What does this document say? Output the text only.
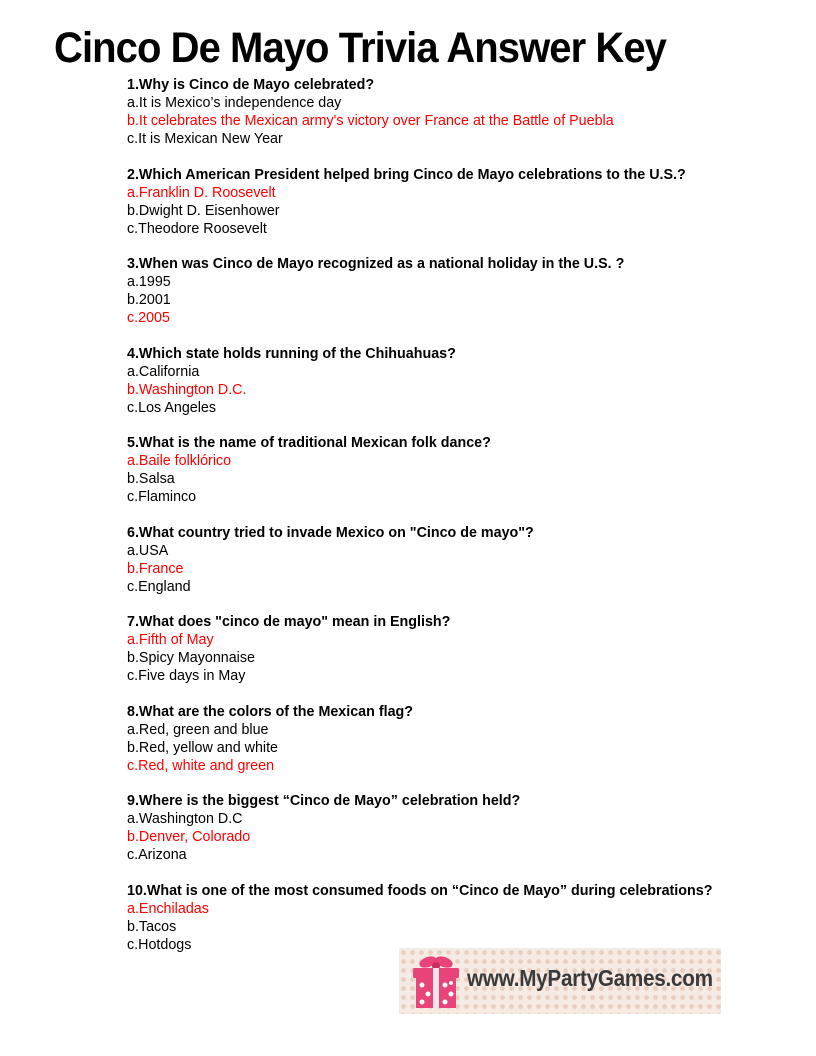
Cinco De Mayo Trivia Answer Key
1.Why is Cinco de Mayo celebrated?
a.It is Mexico’s independence day
b.It celebrates the Mexican army's victory over France at the Battle of Puebla
c.It is Mexican New Year
2.Which American President helped bring Cinco de Mayo celebrations to the U.S.?
a.Franklin D. Roosevelt
b.Dwight D. Eisenhower
c.Theodore Roosevelt
3.When was Cinco de Mayo recognized as a national holiday in the U.S. ?
a.1995
b.2001
c.2005
4.Which state holds running of the Chihuahuas?
a.California
b.Washington D.C.
c.Los Angeles
5.What is the name of traditional Mexican folk dance?
a.Baile folklórico
b.Salsa
c.Flaminco
6.What country tried to invade Mexico on "Cinco de mayo"?
a.USA
b.France
c.England
7.What does "cinco de mayo" mean in English?
a.Fifth of May
b.Spicy Mayonnaise
c.Five days in May
8.What are the colors of the Mexican flag?
a.Red, green and blue
b.Red, yellow and white
c.Red, white and green
9.Where is the biggest “Cinco de Mayo” celebration held?
a.Washington D.C
b.Denver, Colorado
c.Arizona
10.What is one of the most consumed foods on “Cinco de Mayo” during celebrations?
a.Enchiladas
b.Tacos
c.Hotdogs
www.MyPartyGames.com
